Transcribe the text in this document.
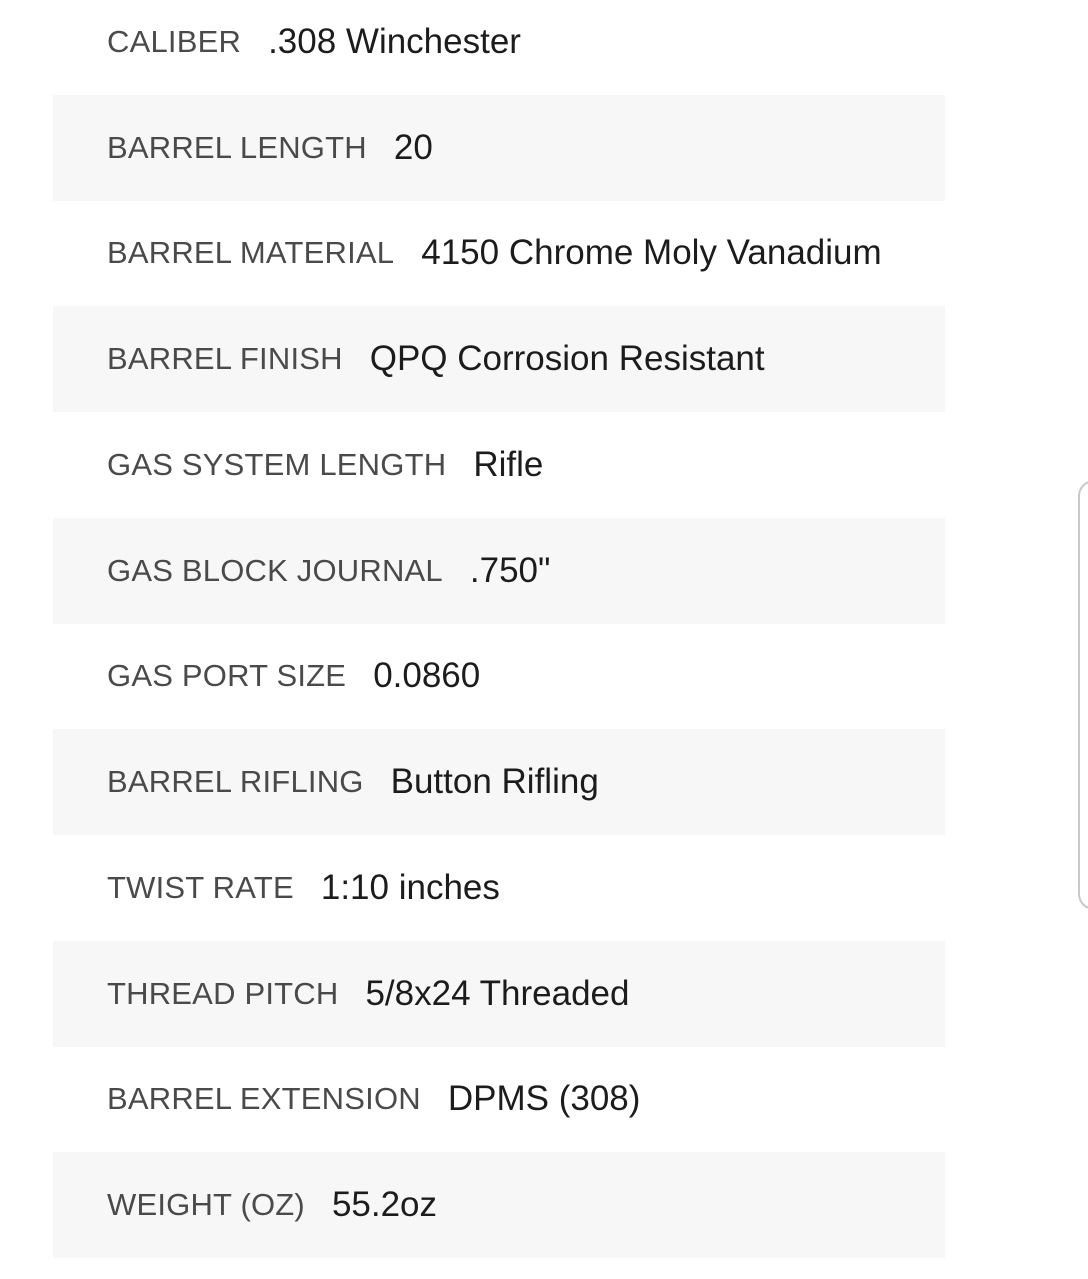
CALIBER .308 Winchester
BARREL LENGTH 20
BARREL MATERIAL 4150 Chrome Moly Vanadium
BARREL FINISH QPQ Corrosion Resistant
GAS SYSTEM LENGTH Rifle
GAS BLOCK JOURNAL .750"
GAS PORT SIZE 0.0860
BARREL RIFLING Button Rifling
TWIST RATE 1:10 inches
THREAD PITCH 5/8x24 Threaded
BARREL EXTENSION DPMS (308)
WEIGHT (OZ) 55.2oz
